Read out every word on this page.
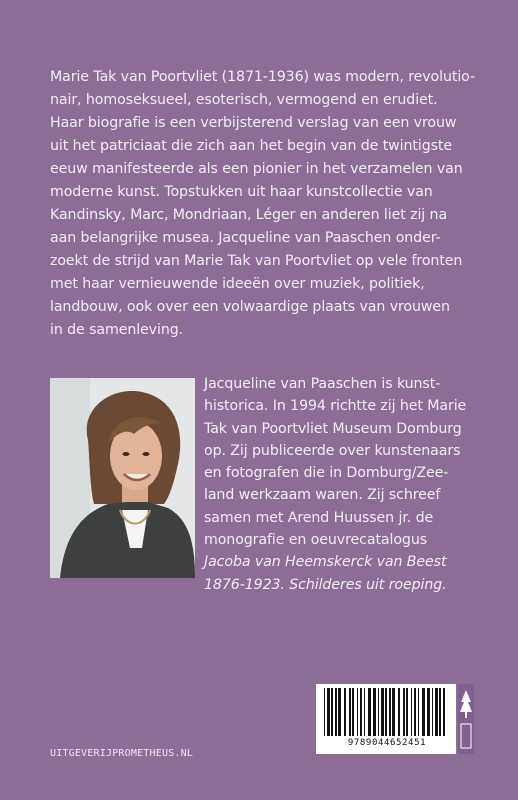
Marie Tak van Poortvliet (1871-1936) was modern, revolutio-
nair, homoseksueel, esoterisch, vermogend en erudiet.
Haar biografie is een verbijsterend verslag van een vrouw
uit het patriciaat die zich aan het begin van de twintigste
eeuw manifesteerde als een pionier in het verzamelen van
moderne kunst. Topstukken uit haar kunstcollectie van
Kandinsky, Marc, Mondriaan, Léger en anderen liet zij na
aan belangrijke musea. Jacqueline van Paaschen onder-
zoekt de strijd van Marie Tak van Poortvliet op vele fronten
met haar vernieuwende ideeën over muziek, politiek,
landbouw, ook over een volwaardige plaats van vrouwen
in de samenleving.
Jacqueline van Paaschen is kunst-
historica. In 1994 richtte zij het Marie
Tak van Poortvliet Museum Domburg
op. Zij publiceerde over kunstenaars
en fotografen die in Domburg/Zee-
land werkzaam waren. Zij schreef
samen met Arend Huussen jr. de
monografie en oeuvrecatalogus
Jacoba van Heemskerck van Beest
1876-1923. Schilderes uit roeping.
9789044652451
UITGEVERIJPROMETHEUS.NL
